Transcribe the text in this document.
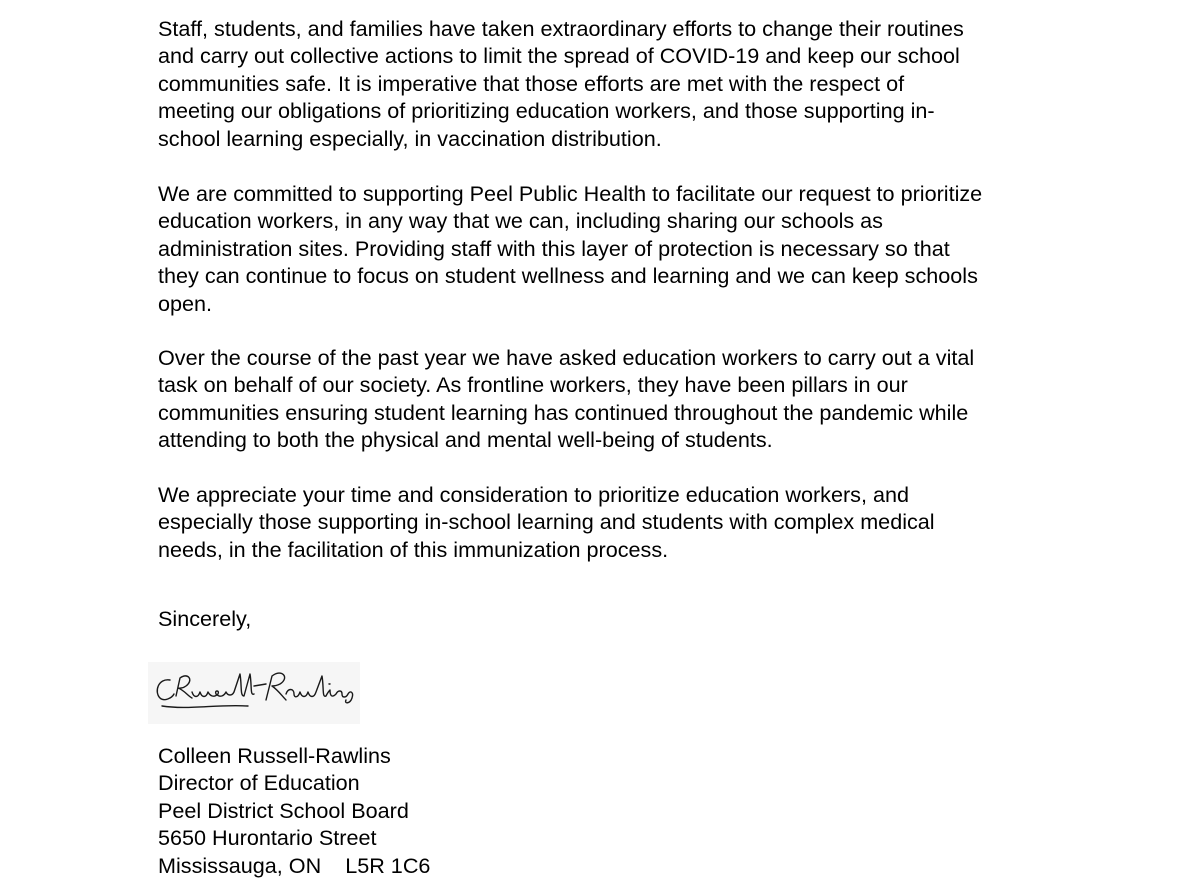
Staff, students, and families have taken extraordinary efforts to change their routines
and carry out collective actions to limit the spread of COVID-19 and keep our school
communities safe. It is imperative that those efforts are met with the respect of
meeting our obligations of prioritizing education workers, and those supporting in-
school learning especially, in vaccination distribution.

We are committed to supporting Peel Public Health to facilitate our request to prioritize
education workers, in any way that we can, including sharing our schools as
administration sites. Providing staff with this layer of protection is necessary so that
they can continue to focus on student wellness and learning and we can keep schools
open.

Over the course of the past year we have asked education workers to carry out a vital
task on behalf of our society. As frontline workers, they have been pillars in our
communities ensuring student learning has continued throughout the pandemic while
attending to both the physical and mental well-being of students.

We appreciate your time and consideration to prioritize education workers, and
especially those supporting in-school learning and students with complex medical
needs, in the facilitation of this immunization process.

Sincerely,

Colleen Russell-Rawlins
Director of Education
Peel District School Board
5650 Hurontario Street
Mississauga, ON    L5R 1C6
